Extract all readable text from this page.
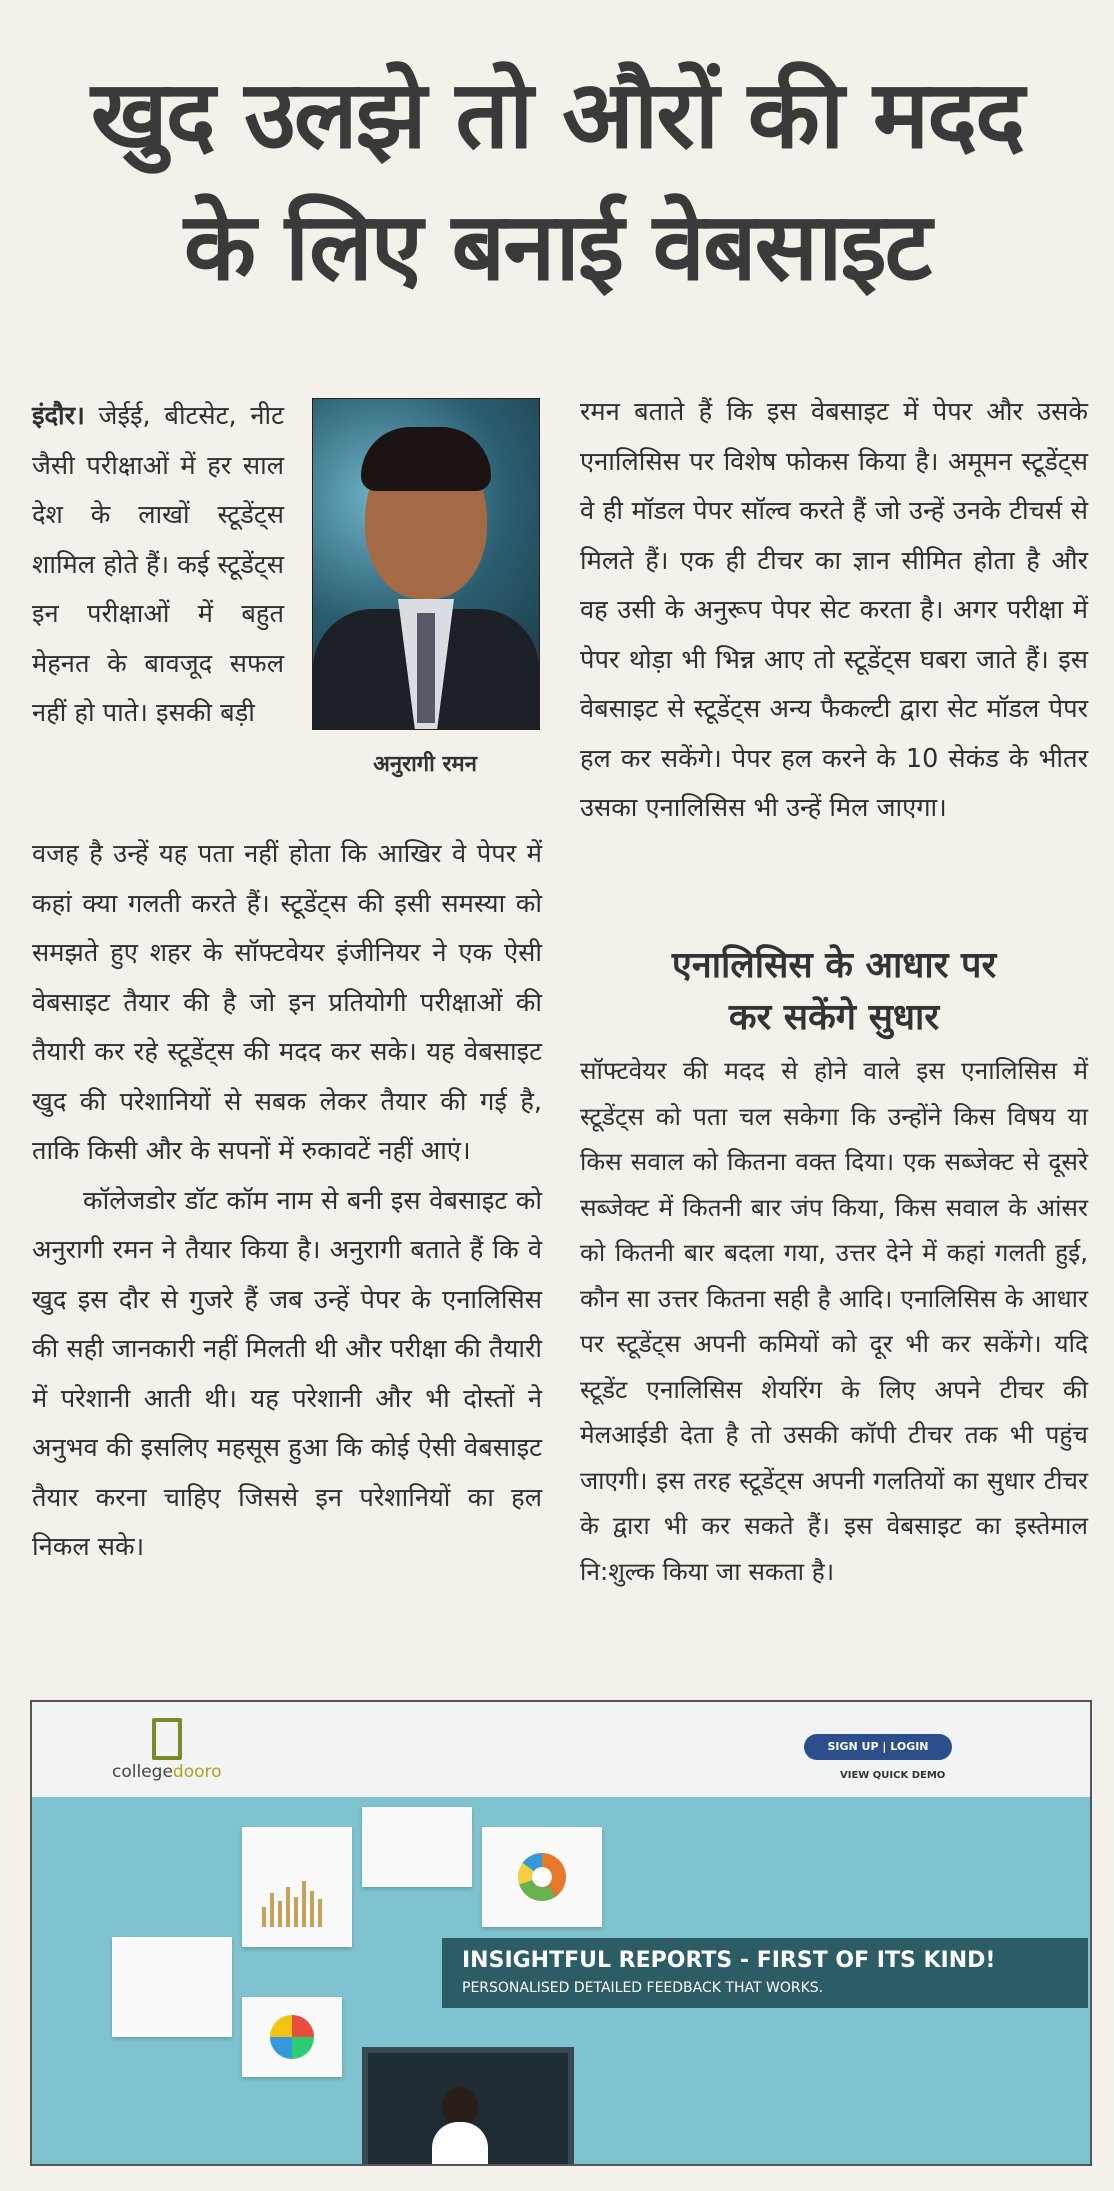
खुद उलझे तो औरों की मदद
के लिए बनाई वेबसाइट

इंदौर। जेईई, बीटसेट, नीट जैसी परीक्षाओं में हर साल देश के लाखों स्टूडेंट्स शामिल होते हैं। कई स्टूडेंट्स इन परीक्षाओं में बहुत मेहनत के बावजूद सफल नहीं हो पाते। इसकी बड़ी

अनुरागी रमन

वजह है उन्हें यह पता नहीं होता कि आखिर वे पेपर में कहां क्या गलती करते हैं। स्टूडेंट्स की इसी समस्या को समझते हुए शहर के सॉफ्टवेयर इंजीनियर ने एक ऐसी वेबसाइट तैयार की है जो इन प्रतियोगी परीक्षाओं की तैयारी कर रहे स्टूडेंट्स की मदद कर सके। यह वेबसाइट खुद की परेशानियों से सबक लेकर तैयार की गई है, ताकि किसी और के सपनों में रुकावटें नहीं आएं।

कॉलेजडोर डॉट कॉम नाम से बनी इस वेबसाइट को अनुरागी रमन ने तैयार किया है। अनुरागी बताते हैं कि वे खुद इस दौर से गुजरे हैं जब उन्हें पेपर के एनालिसिस की सही जानकारी नहीं मिलती थी और परीक्षा की तैयारी में परेशानी आती थी। यह परेशानी और भी दोस्तों ने अनुभव की इसलिए महसूस हुआ कि कोई ऐसी वेबसाइट तैयार करना चाहिए जिससे इन परेशानियों का हल निकल सके।

रमन बताते हैं कि इस वेबसाइट में पेपर और उसके एनालिसिस पर विशेष फोकस किया है। अमूमन स्टूडेंट्स वे ही मॉडल पेपर सॉल्व करते हैं जो उन्हें उनके टीचर्स से मिलते हैं। एक ही टीचर का ज्ञान सीमित होता है और वह उसी के अनुरूप पेपर सेट करता है। अगर परीक्षा में पेपर थोड़ा भी भिन्न आए तो स्टूडेंट्स घबरा जाते हैं। इस वेबसाइट से स्टूडेंट्स अन्य फैकल्टी द्वारा सेट मॉडल पेपर हल कर सकेंगे। पेपर हल करने के 10 सेकंड के भीतर उसका एनालिसिस भी उन्हें मिल जाएगा।

एनालिसिस के आधार पर
कर सकेंगे सुधार

सॉफ्टवेयर की मदद से होने वाले इस एनालिसिस में स्टूडेंट्स को पता चल सकेगा कि उन्होंने किस विषय या किस सवाल को कितना वक्त दिया। एक सब्जेक्ट से दूसरे सब्जेक्ट में कितनी बार जंप किया, किस सवाल के आंसर को कितनी बार बदला गया, उत्तर देने में कहां गलती हुई, कौन सा उत्तर कितना सही है आदि। एनालिसिस के आधार पर स्टूडेंट्स अपनी कमियों को दूर भी कर सकेंगे। यदि स्टूडेंट एनालिसिस शेयरिंग के लिए अपने टीचर की मेलआईडी देता है तो उसकी कॉपी टीचर तक भी पहुंच जाएगी। इस तरह स्टूडेंट्स अपनी गलतियों का सुधार टीचर के द्वारा भी कर सकते हैं। इस वेबसाइट का इस्तेमाल नि:शुल्क किया जा सकता है।

collegedooro
SIGN UP | LOGIN
VIEW QUICK DEMO
INSIGHTFUL REPORTS - FIRST OF ITS KIND!
PERSONALISED DETAILED FEEDBACK THAT WORKS.
